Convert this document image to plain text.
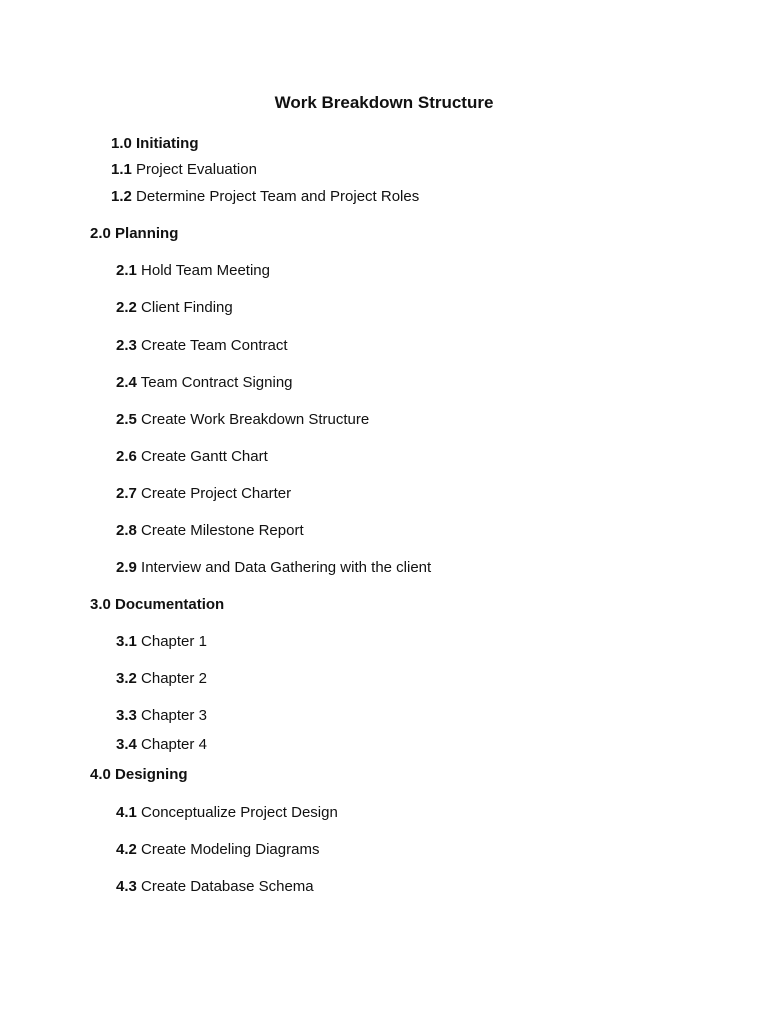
Work Breakdown Structure
1.0 Initiating
1.1 Project Evaluation
1.2 Determine Project Team and Project Roles
2.0 Planning
2.1 Hold Team Meeting
2.2 Client Finding
2.3 Create Team Contract
2.4 Team Contract Signing
2.5 Create Work Breakdown Structure
2.6 Create Gantt Chart
2.7 Create Project Charter
2.8 Create Milestone Report
2.9 Interview and Data Gathering with the client
3.0 Documentation
3.1 Chapter 1
3.2 Chapter 2
3.3 Chapter 3
3.4 Chapter 4
4.0 Designing
4.1 Conceptualize Project Design
4.2 Create Modeling Diagrams
4.3 Create Database Schema
